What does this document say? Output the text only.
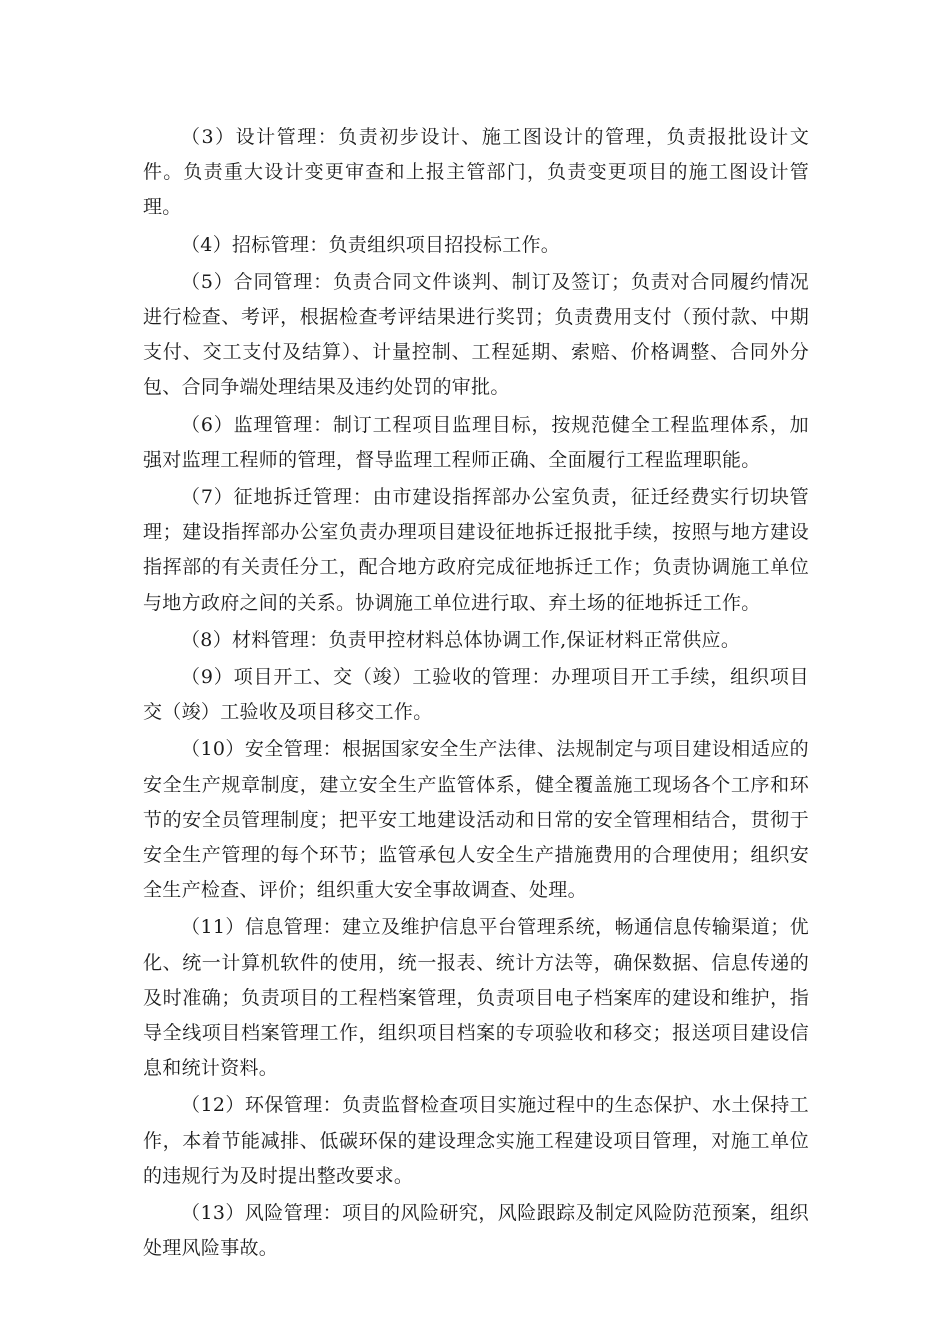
（3）设计管理：负责初步设计、施工图设计的管理，负责报批设计文件。负责重大设计变更审查和上报主管部门，负责变更项目的施工图设计管理。

（4）招标管理：负责组织项目招投标工作。

（5）合同管理：负责合同文件谈判、制订及签订；负责对合同履约情况进行检查、考评，根据检查考评结果进行奖罚；负责费用支付（预付款、中期支付、交工支付及结算）、计量控制、工程延期、索赔、价格调整、合同外分包、合同争端处理结果及违约处罚的审批。

（6）监理管理：制订工程项目监理目标，按规范健全工程监理体系，加强对监理工程师的管理，督导监理工程师正确、全面履行工程监理职能。

（7）征地拆迁管理：由市建设指挥部办公室负责，征迁经费实行切块管理；建设指挥部办公室负责办理项目建设征地拆迁报批手续，按照与地方建设指挥部的有关责任分工，配合地方政府完成征地拆迁工作；负责协调施工单位与地方政府之间的关系。协调施工单位进行取、弃土场的征地拆迁工作。

（8）材料管理：负责甲控材料总体协调工作,保证材料正常供应。

（9）项目开工、交（竣）工验收的管理：办理项目开工手续，组织项目交（竣）工验收及项目移交工作。

（10）安全管理：根据国家安全生产法律、法规制定与项目建设相适应的安全生产规章制度，建立安全生产监管体系，健全覆盖施工现场各个工序和环节的安全员管理制度；把平安工地建设活动和日常的安全管理相结合，贯彻于安全生产管理的每个环节；监管承包人安全生产措施费用的合理使用；组织安全生产检查、评价；组织重大安全事故调查、处理。

（11）信息管理：建立及维护信息平台管理系统，畅通信息传输渠道；优化、统一计算机软件的使用，统一报表、统计方法等，确保数据、信息传递的及时准确；负责项目的工程档案管理，负责项目电子档案库的建设和维护，指导全线项目档案管理工作，组织项目档案的专项验收和移交；报送项目建设信息和统计资料。

（12）环保管理：负责监督检查项目实施过程中的生态保护、水土保持工作，本着节能减排、低碳环保的建设理念实施工程建设项目管理，对施工单位的违规行为及时提出整改要求。

（13）风险管理：项目的风险研究，风险跟踪及制定风险防范预案，组织处理风险事故。
